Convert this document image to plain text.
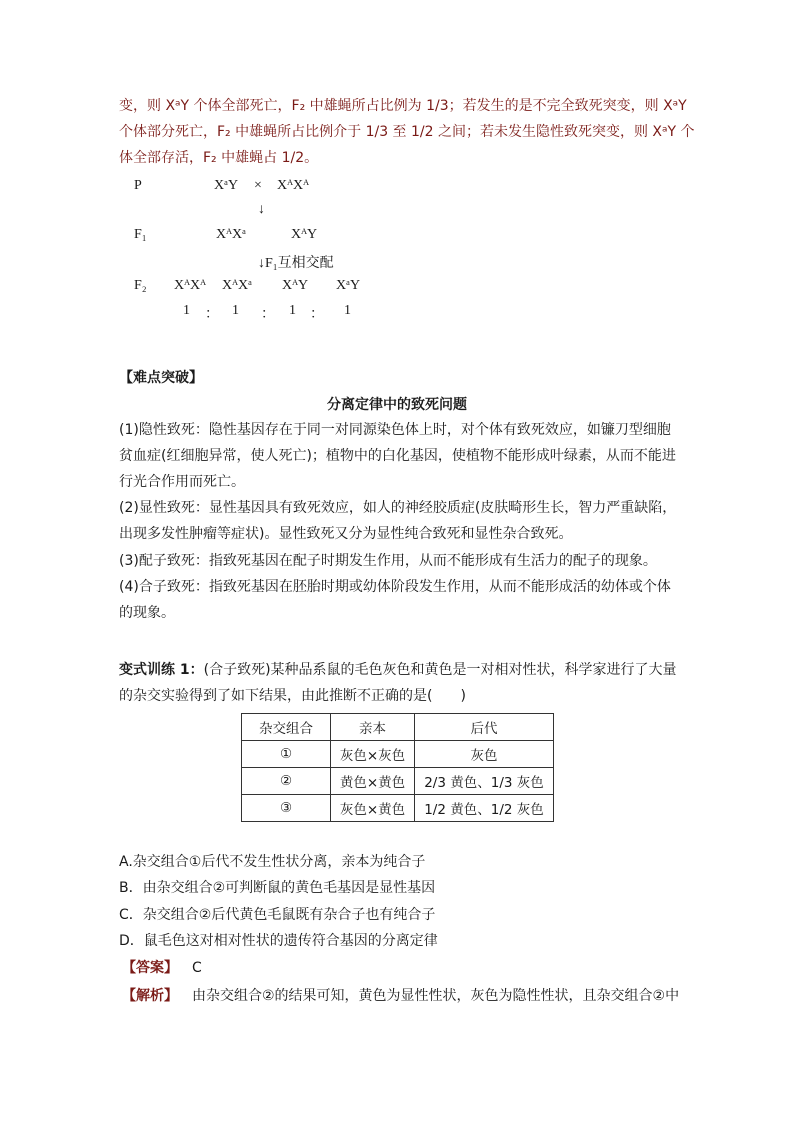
变，则 XᵃY 个体全部死亡，F₂ 中雄蝇所占比例为 1/3；若发生的是不完全致死突变，则 XᵃY
个体部分死亡，F₂ 中雄蝇所占比例介于 1/3 至 1/2 之间；若未发生隐性致死突变，则 XᵃY 个
体全部存活，F₂ 中雄蝇占 1/2。
P	XᵃY × XᴬXᴬ
↓
F₁	XᴬXᵃ	XᴬY
↓F₁互相交配
F₂ XᴬXᴬ XᴬXᵃ XᴬY XᵃY
1 ： 1 ： 1 ： 1
【难点突破】
分离定律中的致死问题
(1)隐性致死：隐性基因存在于同一对同源染色体上时，对个体有致死效应，如镰刀型细胞
贫血症(红细胞异常，使人死亡)；植物中的白化基因，使植物不能形成叶绿素，从而不能进
行光合作用而死亡。
(2)显性致死：显性基因具有致死效应，如人的神经胶质症(皮肤畸形生长，智力严重缺陷，
出现多发性肿瘤等症状)。显性致死又分为显性纯合致死和显性杂合致死。
(3)配子致死：指致死基因在配子时期发生作用，从而不能形成有生活力的配子的现象。
(4)合子致死：指致死基因在胚胎时期或幼体阶段发生作用，从而不能形成活的幼体或个体
的现象。
变式训练 1：(合子致死)某种品系鼠的毛色灰色和黄色是一对相对性状，科学家进行了大量
的杂交实验得到了如下结果，由此推断不正确的是(　　)
杂交组合	亲本	后代
①	灰色×灰色	灰色
②	黄色×黄色	2/3 黄色、1/3 灰色
③	灰色×黄色	1/2 黄色、1/2 灰色
A.杂交组合①后代不发生性状分离，亲本为纯合子
B．由杂交组合②可判断鼠的黄色毛基因是显性基因
C．杂交组合②后代黄色毛鼠既有杂合子也有纯合子
D．鼠毛色这对相对性状的遗传符合基因的分离定律
【答案】 C
【解析】 由杂交组合②的结果可知，黄色为显性性状，灰色为隐性性状，且杂交组合②中
